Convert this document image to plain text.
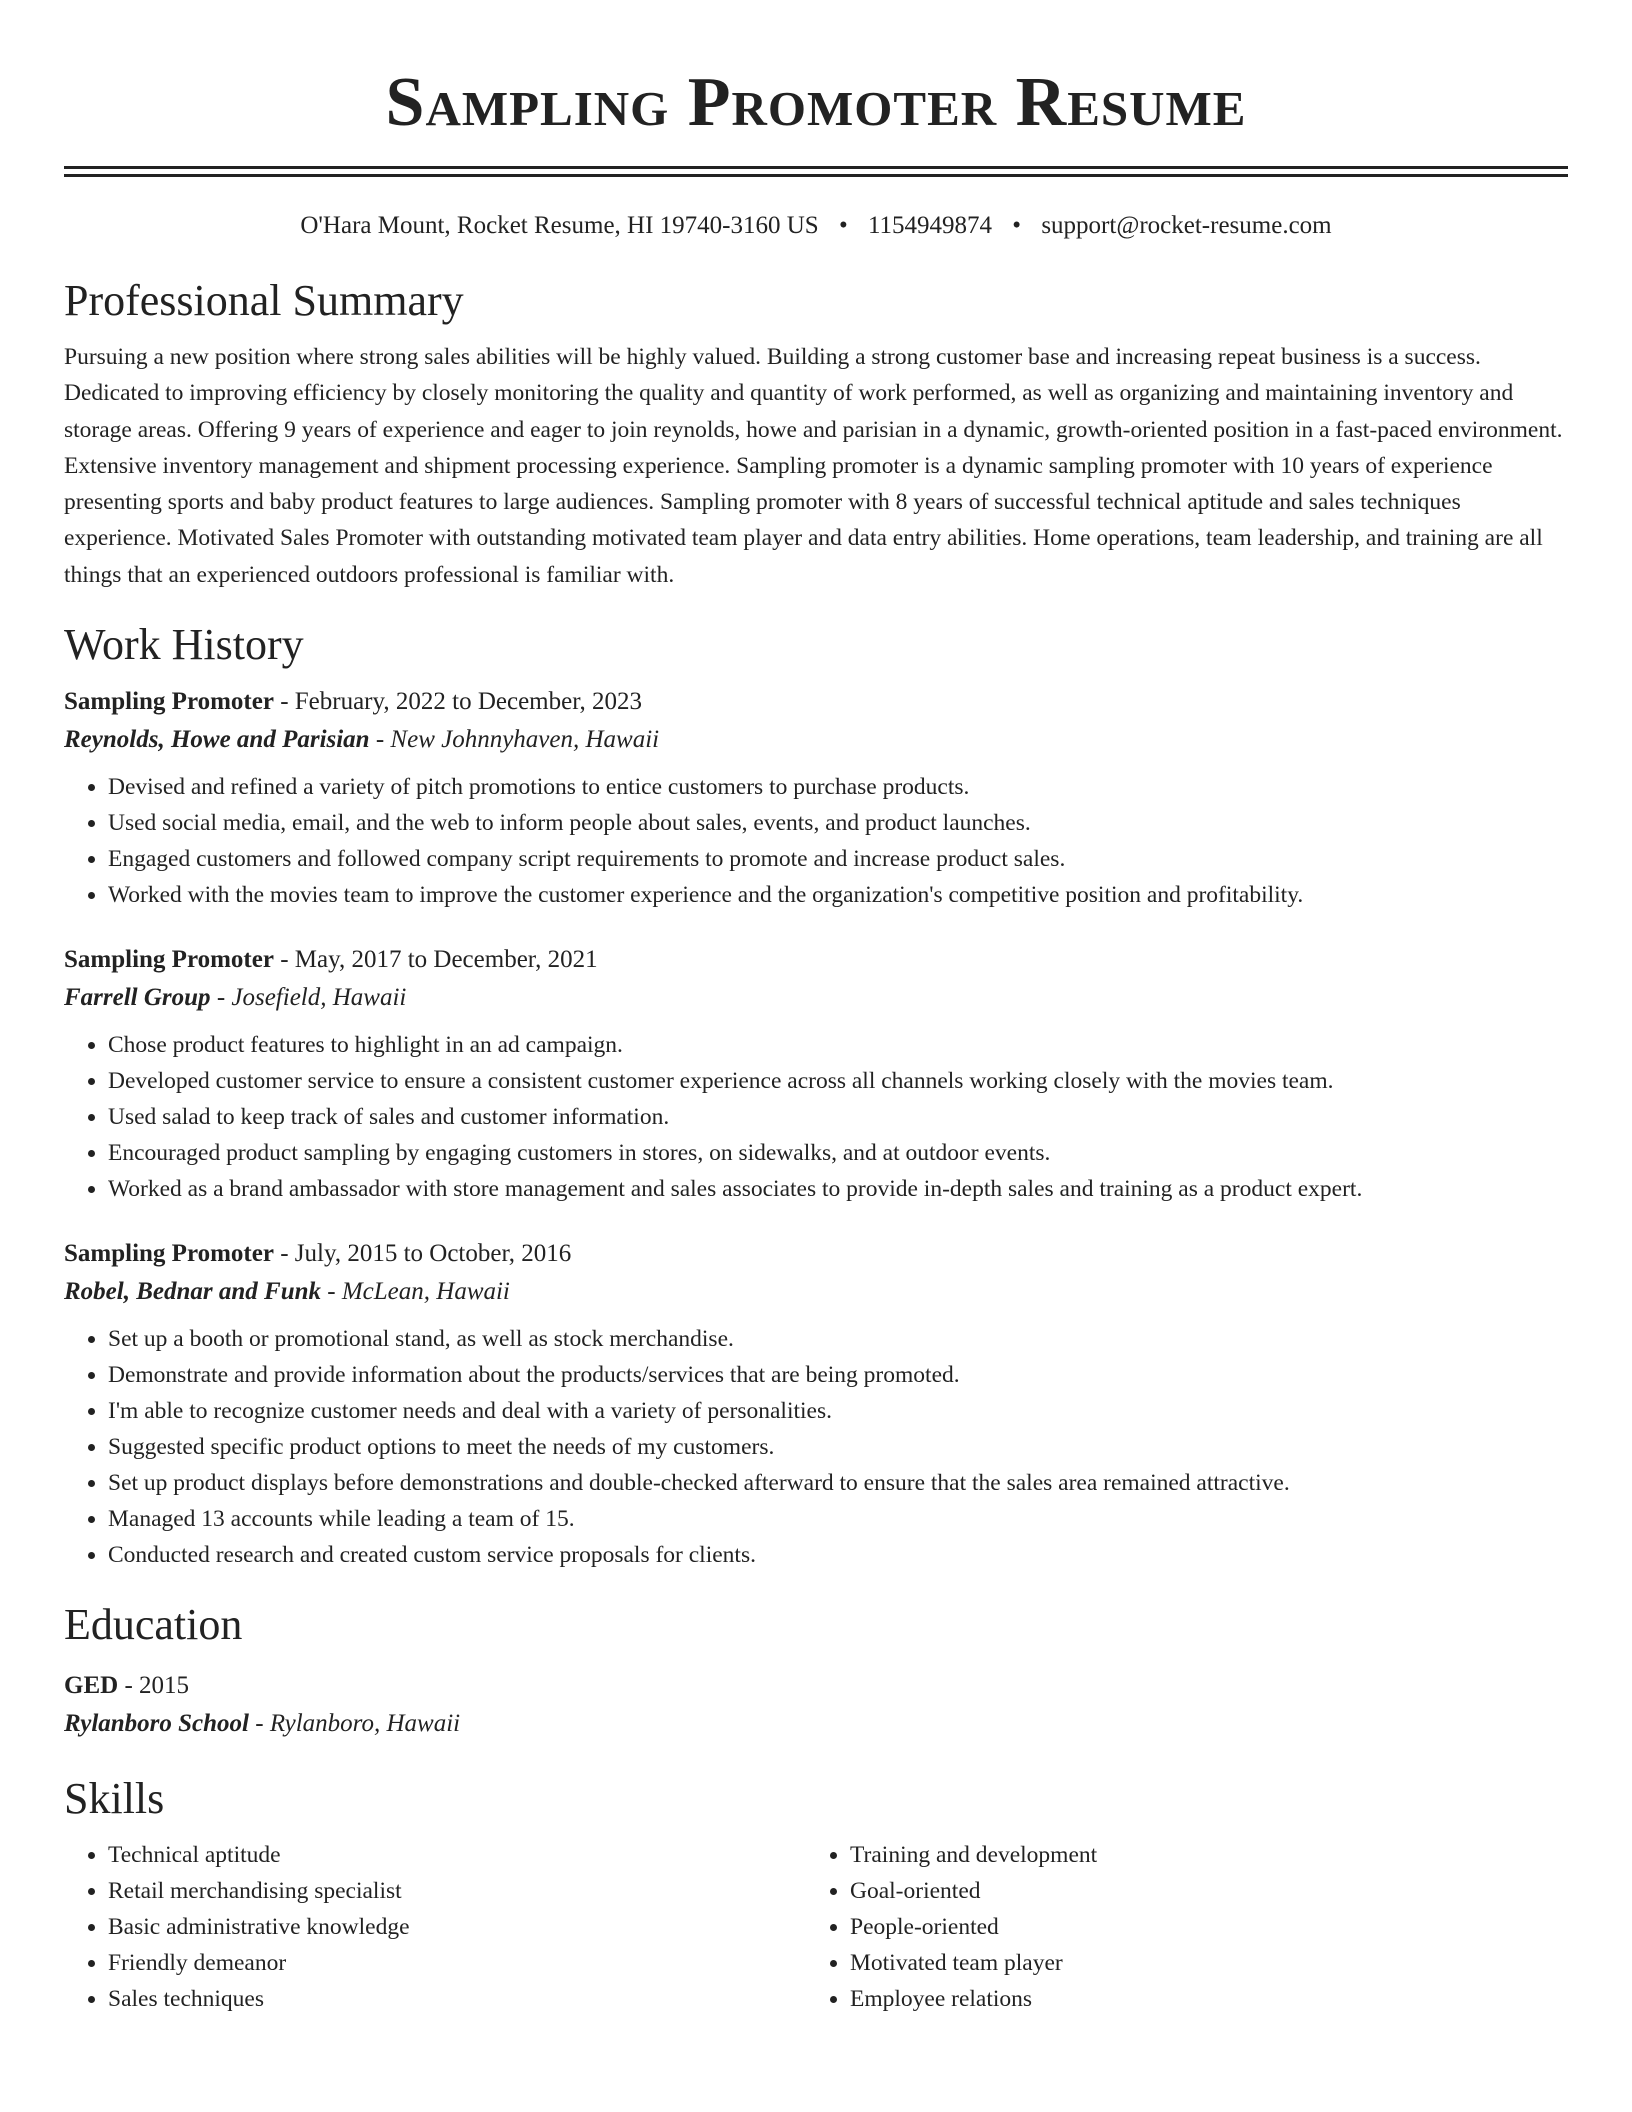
Sampling Promoter Resume
O'Hara Mount, Rocket Resume, HI 19740-3160 US • 1154949874 • support@rocket-resume.com
Professional Summary

Pursuing a new position where strong sales abilities will be highly valued. Building a strong customer base and increasing repeat business is a success. Dedicated to improving efficiency by closely monitoring the quality and quantity of work performed, as well as organizing and maintaining inventory and storage areas. Offering 9 years of experience and eager to join reynolds, howe and parisian in a dynamic, growth-oriented position in a fast-paced environment. Extensive inventory management and shipment processing experience. Sampling promoter is a dynamic sampling promoter with 10 years of experience presenting sports and baby product features to large audiences. Sampling promoter with 8 years of successful technical aptitude and sales techniques experience. Motivated Sales Promoter with outstanding motivated team player and data entry abilities. Home operations, team leadership, and training are all things that an experienced outdoors professional is familiar with.

Work History
Sampling Promoter - February, 2022 to December, 2023
Reynolds, Howe and Parisian - New Johnnyhaven, Hawaii
• Devised and refined a variety of pitch promotions to entice customers to purchase products.
• Used social media, email, and the web to inform people about sales, events, and product launches.
• Engaged customers and followed company script requirements to promote and increase product sales.
• Worked with the movies team to improve the customer experience and the organization's competitive position and profitability.
Sampling Promoter - May, 2017 to December, 2021
Farrell Group - Josefield, Hawaii
• Chose product features to highlight in an ad campaign.
• Developed customer service to ensure a consistent customer experience across all channels working closely with the movies team.
• Used salad to keep track of sales and customer information.
• Encouraged product sampling by engaging customers in stores, on sidewalks, and at outdoor events.
• Worked as a brand ambassador with store management and sales associates to provide in-depth sales and training as a product expert.
Sampling Promoter - July, 2015 to October, 2016
Robel, Bednar and Funk - McLean, Hawaii
• Set up a booth or promotional stand, as well as stock merchandise.
• Demonstrate and provide information about the products/services that are being promoted.
• I'm able to recognize customer needs and deal with a variety of personalities.
• Suggested specific product options to meet the needs of my customers.
• Set up product displays before demonstrations and double-checked afterward to ensure that the sales area remained attractive.
• Managed 13 accounts while leading a team of 15.
• Conducted research and created custom service proposals for clients.
Education
GED - 2015
Rylanboro School - Rylanboro, Hawaii
Skills
• Technical aptitude
• Retail merchandising specialist
• Basic administrative knowledge
• Friendly demeanor
• Sales techniques
• Training and development
• Goal-oriented
• People-oriented
• Motivated team player
• Employee relations
